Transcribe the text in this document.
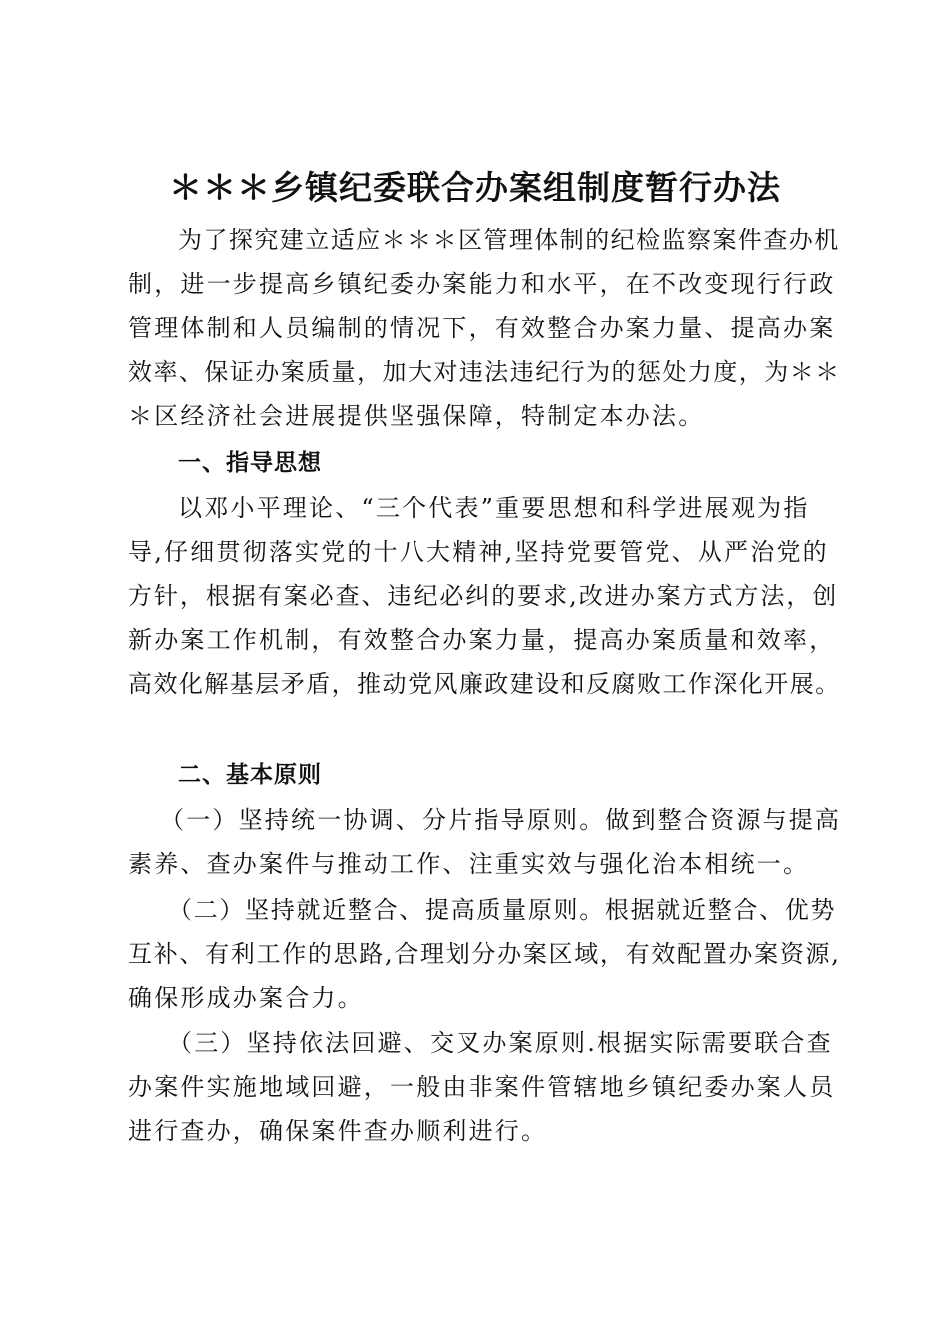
＊＊＊乡镇纪委联合办案组制度暂行办法
为了探究建立适应＊＊＊区管理体制的纪检监察案件查办机
制，进一步提高乡镇纪委办案能力和水平，在不改变现行行政
管理体制和人员编制的情况下，有效整合办案力量、提高办案
效率、保证办案质量，加大对违法违纪行为的惩处力度，为＊＊
＊区经济社会进展提供坚强保障，特制定本办法。
一、指导思想
以邓小平理论、“三个代表”重要思想和科学进展观为指
导,仔细贯彻落实党的十八大精神,坚持党要管党、从严治党的
方针，根据有案必查、违纪必纠的要求,改进办案方式方法，创
新办案工作机制，有效整合办案力量，提高办案质量和效率，
高效化解基层矛盾，推动党风廉政建设和反腐败工作深化开展。
二、基本原则
（一）坚持统一协调、分片指导原则。做到整合资源与提高
素养、查办案件与推动工作、注重实效与强化治本相统一。
（二）坚持就近整合、提高质量原则。根据就近整合、优势
互补、有利工作的思路,合理划分办案区域，有效配置办案资源,
确保形成办案合力。
（三）坚持依法回避、交叉办案原则.根据实际需要联合查
办案件实施地域回避，一般由非案件管辖地乡镇纪委办案人员
进行查办，确保案件查办顺利进行。
